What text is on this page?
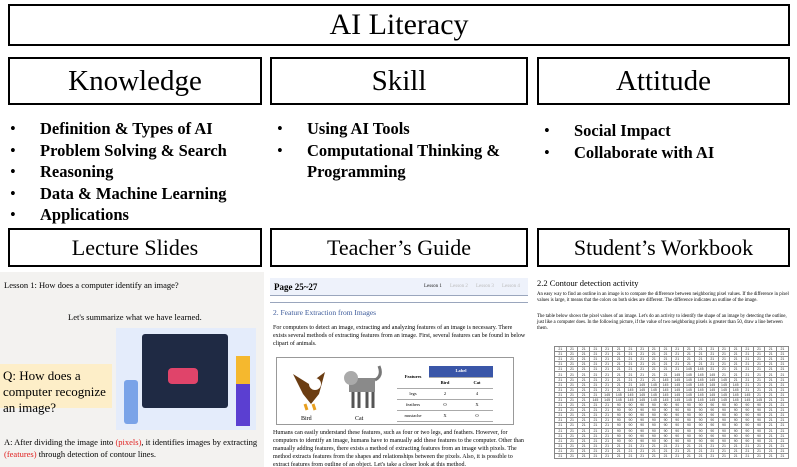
AI Literacy
Knowledge	Skill	Attitude
• Definition & Types of AI
• Problem Solving & Search
• Reasoning
• Data & Machine Learning
• Applications
• Using AI Tools
• Computational Thinking & Programming
• Social Impact
• Collaborate with AI
Lecture Slides	Teacher’s Guide	Student’s Workbook
Lesson 1: How does a computer identify an image?
Let's summarize what we have learned.
Q: How does a computer recognize an image?
A: After dividing the image into (pixels), it identifies images by extracting (features) through detection of contour lines.
Page 25~27	Lesson 1	Lesson 2	Lesson 3	Lesson 4
2. Feature Extraction from Images
For computers to detect an image, extracting and analyzing features of an image is necessary. There exists several methods of extracting features from an image. First, several features can be found in below clipart of animals.
Bird	Cat
Features	Label	
	Bird	Cat
legs	2	4
feathers	O	X
mustache	X	O
Humans can easily understand these features, such as four or two legs, and feathers. However, for computers to identify an image, humans have to manually add these features to the computer. Other than manually adding features, there exists a method of extracting features from an image with pixels. The method extracts features from the shapes and relationships between the pixels. Also, it is possible to extract features from outline of an object. Let's take a closer look at this method.
2.2 Contour detection activity
An easy way to find an outline in an image is to compare the difference between neighboring pixel values. If the difference in pixel values is large, it means that the colors on both sides are different. The difference indicates an outline of the image.
The table below shows the pixel values of an image. Let's do an activity to identify the shape of an image by detecting the outline, just like a computer does. In the following picture, if the value of two neighboring pixels is greater than 50, draw a line between them.
21	21	21	21	21	21	21	21	21	21	21	21	21	21	21	21	21	21	21	21
21	21	21	21	21	21	21	21	21	21	21	21	21	21	21	21	21	21	21	21
21	21	21	21	21	21	21	21	21	21	21	21	21	21	21	21	21	21	21	21
21	21	21	21	21	21	21	21	21	21	21	21	21	21	21	21	21	21	21	21
21	21	21	21	21	21	21	21	21	21	21	145	145	21	21	21	21	21	21	21
21	21	21	21	21	21	21	21	21	21	145	145	145	145	21	21	21	21	21	21
21	21	21	21	21	21	21	21	21	145	145	145	145	145	145	21	21	21	21	21
21	21	21	21	21	21	21	145	145	145	145	145	145	145	145	145	21	21	21	21
21	21	21	21	21	21	145	145	145	145	145	145	145	145	145	145	21	21	21	21
21	21	21	21	145	145	145	145	145	145	145	145	145	145	145	145	145	21	21	21
21	21	21	145	145	145	145	145	145	145	145	145	145	145	145	145	145	145	21	21
21	21	21	21	21	90	90	90	90	90	90	90	90	90	90	90	90	90	21	21
21	21	21	21	21	90	90	90	90	90	90	90	90	90	90	90	90	90	21	21
21	21	21	21	21	90	90	90	90	90	90	90	90	90	90	90	90	90	21	21
21	21	21	21	21	90	90	90	90	90	90	90	90	90	90	90	90	90	21	21
21	21	21	21	21	90	90	90	90	90	90	90	90	90	90	90	90	90	21	21
21	21	21	21	21	90	90	90	90	90	90	90	90	90	90	90	90	90	21	21
21	21	21	21	21	90	90	90	90	90	90	90	90	90	90	90	90	90	21	21
21	21	21	21	21	90	90	90	90	90	90	90	90	90	90	90	90	90	21	21
21	21	21	21	21	21	21	21	21	21	21	21	21	21	21	21	21	21	21	21
21	21	21	21	21	21	21	21	21	21	21	21	21	21	21	21	21	21	21	21
21	21	21	21	21	21	21	21	21	21	21	21	21	21	21	21	21	21	21	21
